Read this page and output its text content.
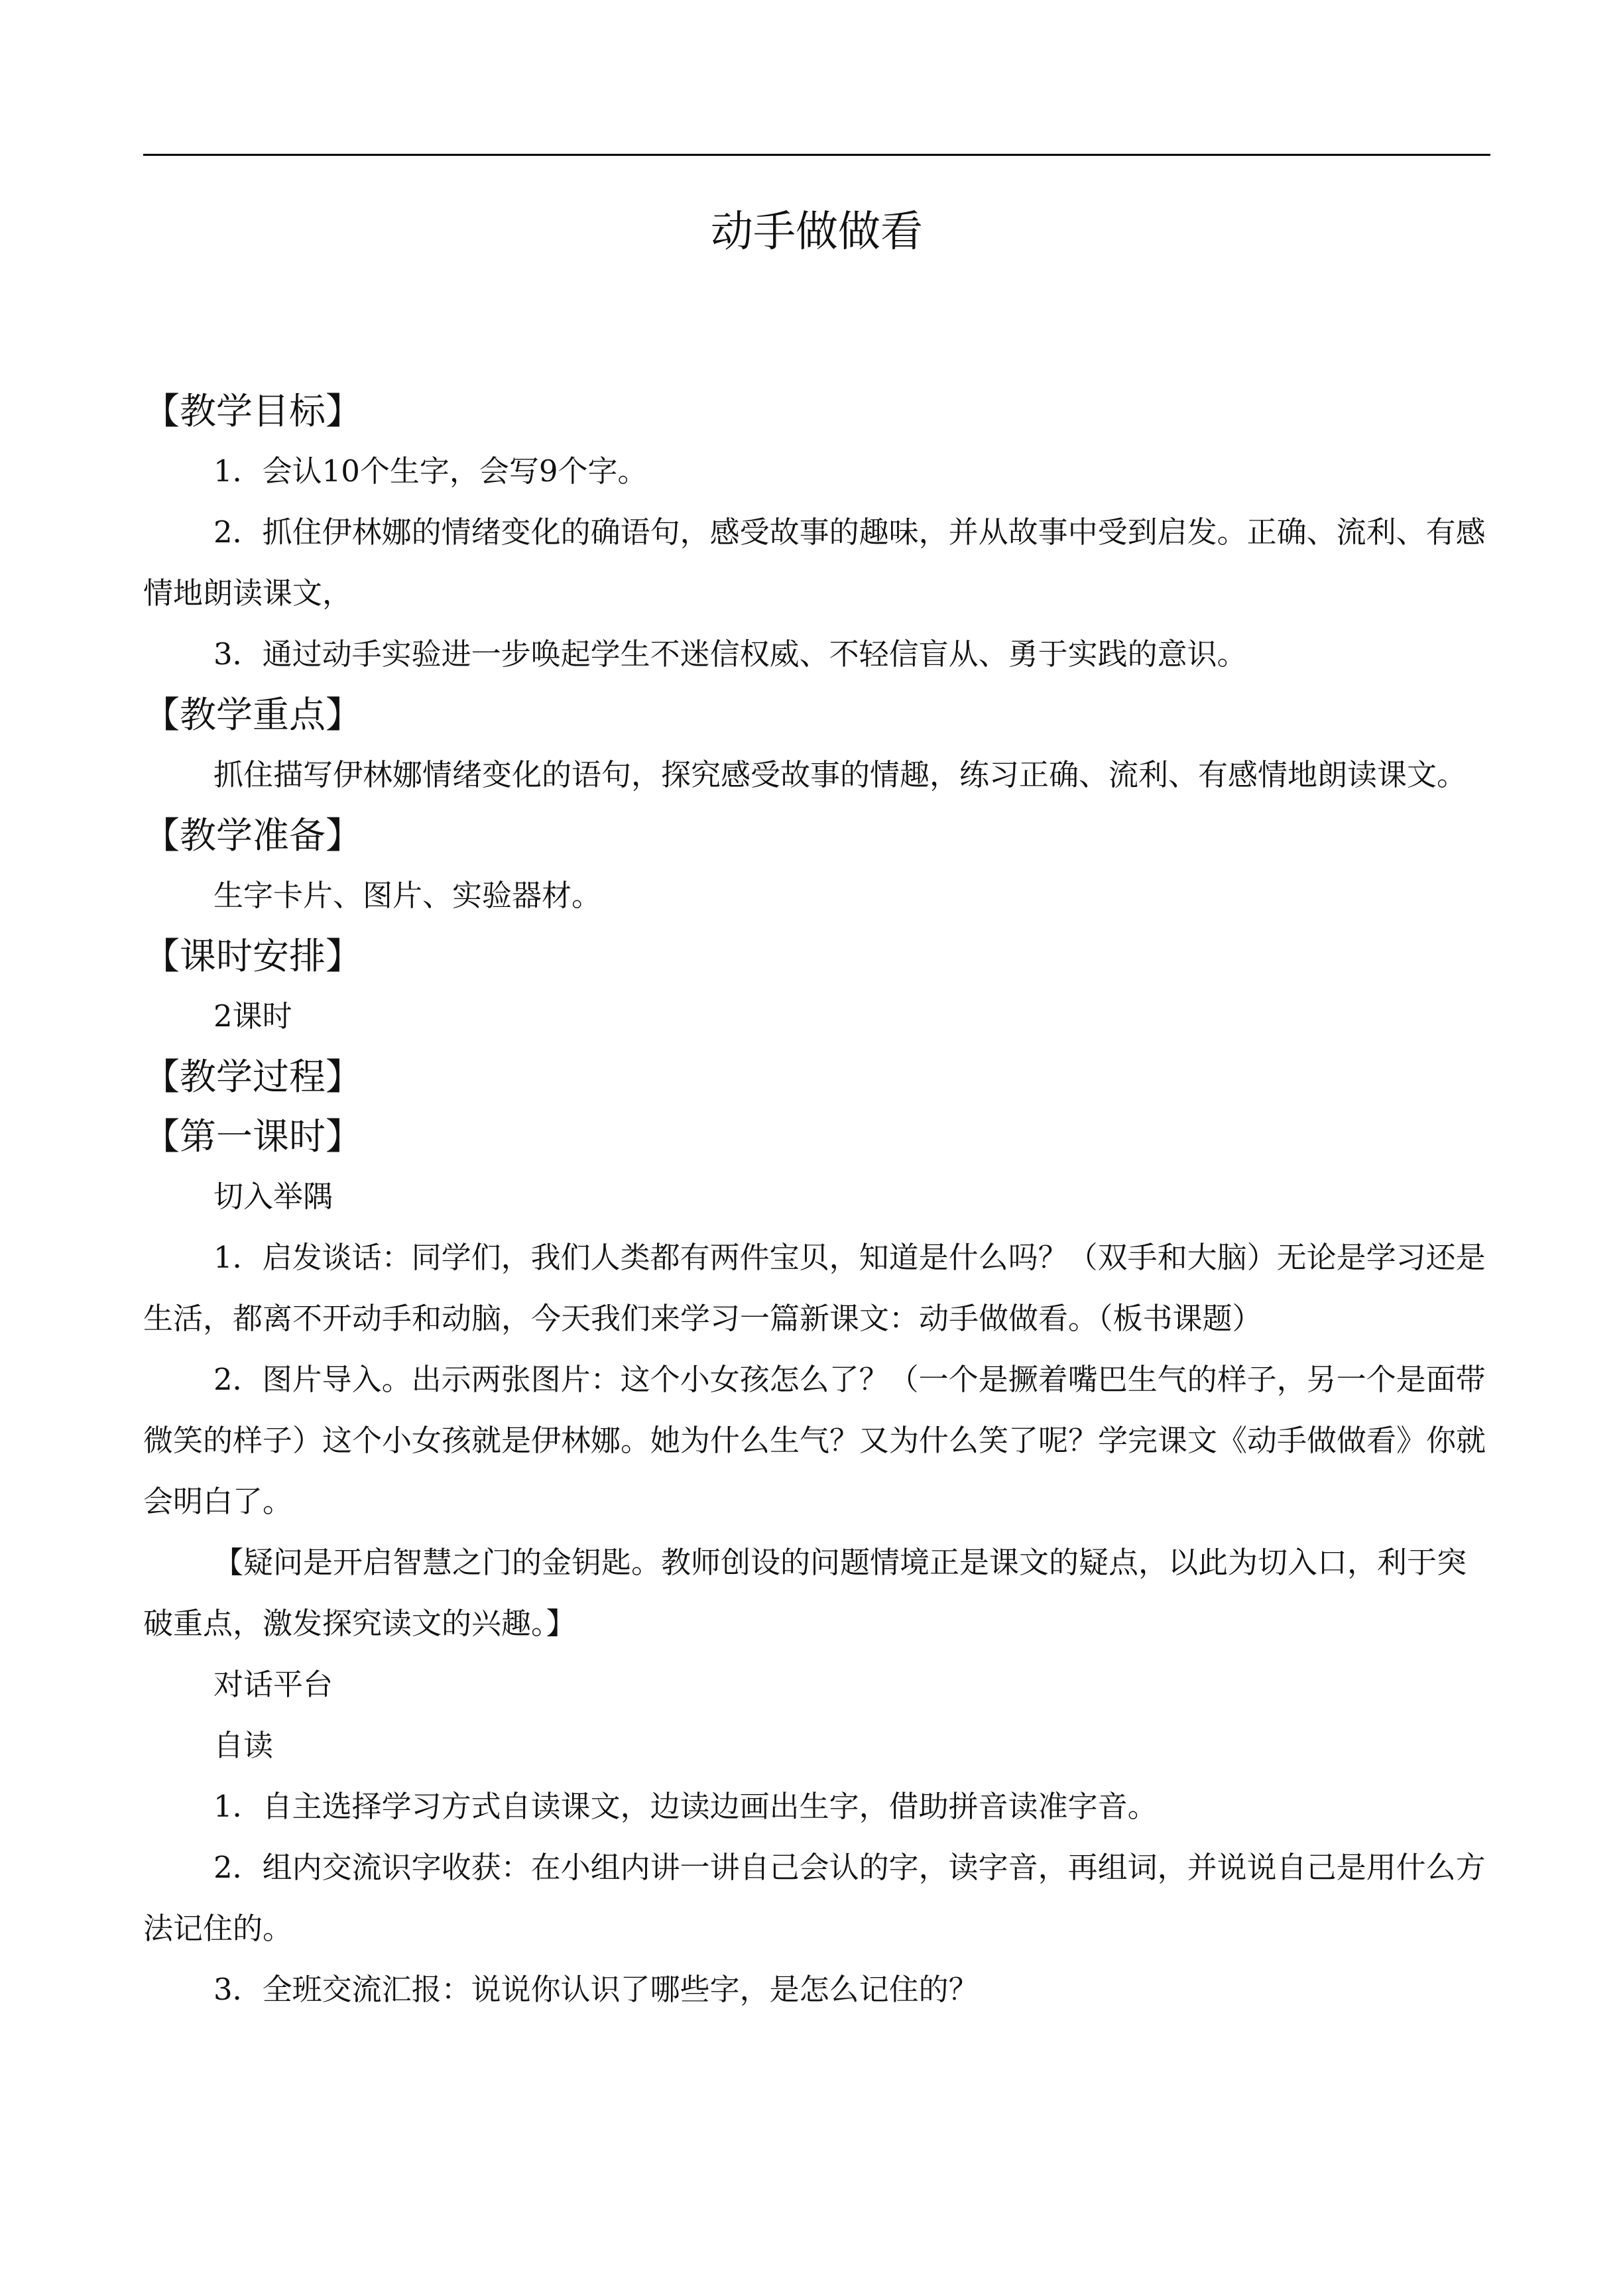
动手做做看
【教学目标】

1．会认10个生字，会写9个字。

2．抓住伊林娜的情绪变化的确语句，感受故事的趣味，并从故事中受到启发。正确、流利、有感情地朗读课文，

3．通过动手实验进一步唤起学生不迷信权威、不轻信盲从、勇于实践的意识。

【教学重点】

抓住描写伊林娜情绪变化的语句，探究感受故事的情趣，练习正确、流利、有感情地朗读课文。

【教学准备】

生字卡片、图片、实验器材。

【课时安排】

2课时

【教学过程】
【第一课时】

切入举隅

1．启发谈话：同学们，我们人类都有两件宝贝，知道是什么吗？（双手和大脑）无论是学习还是生活，都离不开动手和动脑，今天我们来学习一篇新课文：动手做做看。（板书课题）

2．图片导入。出示两张图片：这个小女孩怎么了？（一个是撅着嘴巴生气的样子，另一个是面带微笑的样子）这个小女孩就是伊林娜。她为什么生气？又为什么笑了呢？学完课文《动手做做看》你就会明白了。

【疑问是开启智慧之门的金钥匙。教师创设的问题情境正是课文的疑点，以此为切入口，利于突破重点，激发探究读文的兴趣。】

对话平台

自读

1．自主选择学习方式自读课文，边读边画出生字，借助拼音读准字音。

2．组内交流识字收获：在小组内讲一讲自己会认的字，读字音，再组词，并说说自己是用什么方法记住的。

3．全班交流汇报：说说你认识了哪些字，是怎么记住的？
